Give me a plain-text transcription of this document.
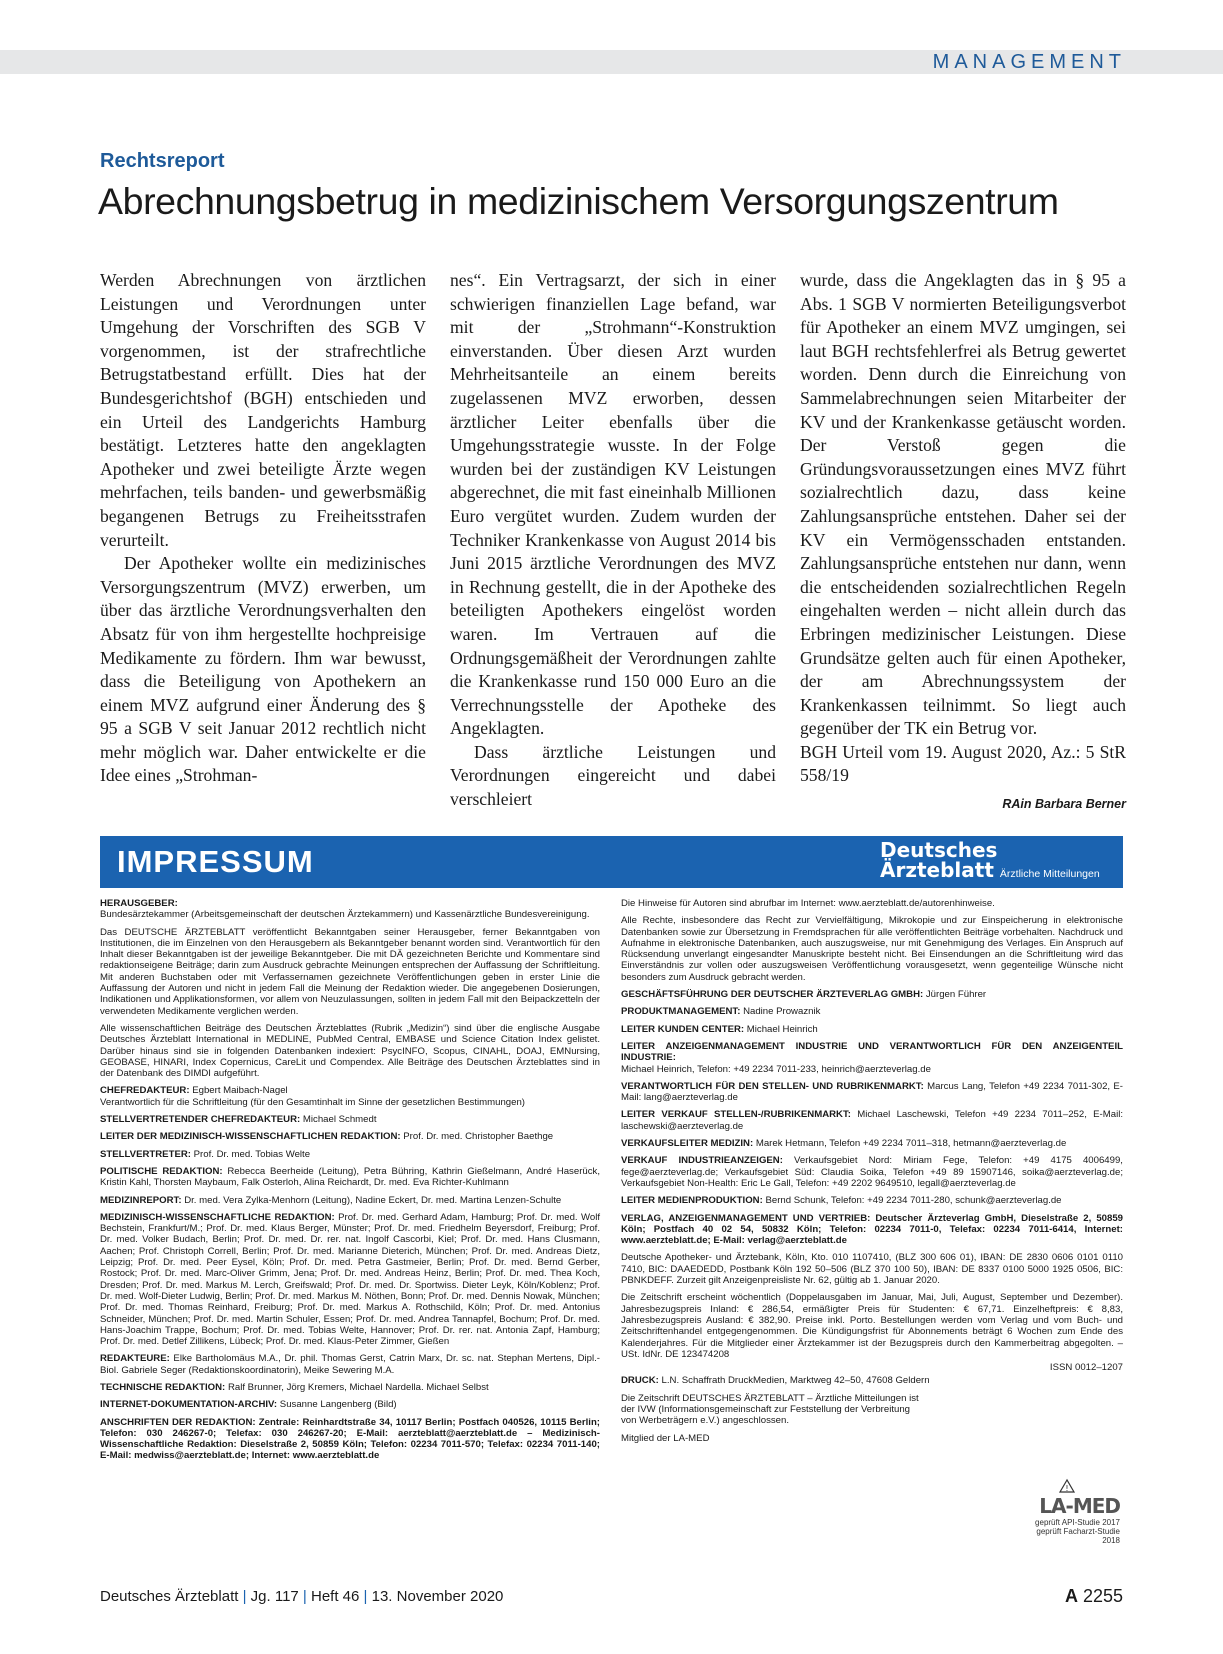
MANAGEMENT
Rechtsreport
Abrechnungsbetrug in medizinischem Versorgungszentrum

Werden Abrechnungen von ärztlichen Leistungen und Verordnungen unter Umgehung der Vorschriften des SGB V vorgenommen, ist der strafrechtliche Betrugstatbestand erfüllt. Dies hat der Bundesgerichtshof (BGH) entschieden und ein Urteil des Landgerichts Hamburg bestätigt. Letzteres hatte den angeklagten Apotheker und zwei beteiligte Ärzte wegen mehrfachen, teils banden- und gewerbsmäßig begangenen Betrugs zu Freiheitsstrafen verurteilt.

Der Apotheker wollte ein medizinisches Versorgungszentrum (MVZ) erwerben, um über das ärztliche Verordnungsverhalten den Absatz für von ihm hergestellte hochpreisige Medikamente zu fördern. Ihm war bewusst, dass die Beteiligung von Apothekern an einem MVZ aufgrund einer Änderung des § 95 a SGB V seit Januar 2012 rechtlich nicht mehr möglich war. Daher entwickelte er die Idee eines „Strohman-

nes“. Ein Vertragsarzt, der sich in einer schwierigen finanziellen Lage befand, war mit der „Strohmann“-Konstruktion einverstanden. Über diesen Arzt wurden Mehrheitsanteile an einem bereits zugelassenen MVZ erworben, dessen ärztlicher Leiter ebenfalls über die Umgehungsstrategie wusste. In der Folge wurden bei der zuständigen KV Leistungen abgerechnet, die mit fast eineinhalb Millionen Euro vergütet wurden. Zudem wurden der Techniker Krankenkasse von August 2014 bis Juni 2015 ärztliche Verordnungen des MVZ in Rechnung gestellt, die in der Apotheke des beteiligten Apothekers eingelöst worden waren. Im Vertrauen auf die Ordnungsgemäßheit der Verordnungen zahlte die Krankenkasse rund 150 000 Euro an die Verrechnungsstelle der Apotheke des Angeklagten.

Dass ärztliche Leistungen und Verordnungen eingereicht und dabei verschleiert

wurde, dass die Angeklagten das in § 95 a Abs. 1 SGB V normierten Beteiligungsverbot für Apotheker an einem MVZ umgingen, sei laut BGH rechtsfehlerfrei als Betrug gewertet worden. Denn durch die Einreichung von Sammelabrechnungen seien Mitarbeiter der KV und der Krankenkasse getäuscht worden. Der Verstoß gegen die Gründungsvoraussetzungen eines MVZ führt sozialrechtlich dazu, dass keine Zahlungsansprüche entstehen. Daher sei der KV ein Vermögensschaden entstanden. Zahlungsansprüche entstehen nur dann, wenn die entscheidenden sozialrechtlichen Regeln eingehalten werden – nicht allein durch das Erbringen medizinischer Leistungen. Diese Grundsätze gelten auch für einen Apotheker, der am Abrechnungssystem der Krankenkassen teilnimmt. So liegt auch gegenüber der TK ein Betrug vor.

BGH Urteil vom 19. August 2020, Az.: 5 StR 558/19

RAin Barbara Berner
IMPRESSUM	Deutsches
Ärzteblatt Ärztliche Mitteilungen

HERAUSGEBER:
Bundesärztekammer (Arbeitsgemeinschaft der deutschen Ärztekammern) und Kassenärztliche Bundesvereinigung.

Das DEUTSCHE ÄRZTEBLATT veröffentlicht Bekanntgaben seiner Herausgeber, ferner Bekanntgaben von Institutionen, die im Einzelnen von den Herausgebern als Bekanntgeber benannt worden sind. Verantwortlich für den Inhalt dieser Bekanntgaben ist der jeweilige Bekanntgeber. Die mit DÄ gezeichneten Berichte und Kommentare sind redaktionseigene Beiträge; darin zum Ausdruck gebrachte Meinungen entsprechen der Auffassung der Schriftleitung. Mit anderen Buchstaben oder mit Verfassernamen gezeichnete Veröffentlichungen geben in erster Linie die Auffassung der Autoren und nicht in jedem Fall die Meinung der Redaktion wieder. Die angegebenen Dosierungen, Indikationen und Applikationsformen, vor allem von Neuzulassungen, sollten in jedem Fall mit den Beipackzetteln der verwendeten Medikamente verglichen werden.

Alle wissenschaftlichen Beiträge des Deutschen Ärzteblattes (Rubrik „Medizin“) sind über die englische Ausgabe Deutsches Ärzteblatt International in MEDLINE, PubMed Central, EMBASE und Science Citation Index gelistet. Darüber hinaus sind sie in folgenden Datenbanken indexiert: PsycINFO, Scopus, CINAHL, DOAJ, EMNursing, GEOBASE, HINARI, Index Copernicus, CareLit und Compendex. Alle Beiträge des Deutschen Ärzteblattes sind in der Datenbank des DIMDI aufgeführt.

CHEFREDAKTEUR: Egbert Maibach-Nagel
Verantwortlich für die Schriftleitung (für den Gesamtinhalt im Sinne der gesetzlichen Bestimmungen)

STELLVERTRETENDER CHEFREDAKTEUR: Michael Schmedt

LEITER DER MEDIZINISCH-WISSENSCHAFTLICHEN REDAKTION: Prof. Dr. med. Christopher Baethge

STELLVERTRETER: Prof. Dr. med. Tobias Welte

POLITISCHE REDAKTION: Rebecca Beerheide (Leitung), Petra Bühring, Kathrin Gießelmann, André Haserück, Kristin Kahl, Thorsten Maybaum, Falk Osterloh, Alina Reichardt, Dr. med. Eva Richter-Kuhlmann

MEDIZINREPORT: Dr. med. Vera Zylka-Menhorn (Leitung), Nadine Eckert, Dr. med. Martina Lenzen-Schulte

MEDIZINISCH-WISSENSCHAFTLICHE REDAKTION: Prof. Dr. med. Gerhard Adam, Hamburg; Prof. Dr. med. Wolf Bechstein, Frankfurt/M.; Prof. Dr. med. Klaus Berger, Münster; Prof. Dr. med. Friedhelm Beyersdorf, Freiburg; Prof. Dr. med. Volker Budach, Berlin; Prof. Dr. med. Dr. rer. nat. Ingolf Cascorbi, Kiel; Prof. Dr. med. Hans Clusmann, Aachen; Prof. Christoph Correll, Berlin; Prof. Dr. med. Marianne Dieterich, München; Prof. Dr. med. Andreas Dietz, Leipzig; Prof. Dr. med. Peer Eysel, Köln; Prof. Dr. med. Petra Gastmeier, Berlin; Prof. Dr. med. Bernd Gerber, Rostock; Prof. Dr. med. Marc-Oliver Grimm, Jena; Prof. Dr. med. Andreas Heinz, Berlin; Prof. Dr. med. Thea Koch, Dresden; Prof. Dr. med. Markus M. Lerch, Greifswald; Prof. Dr. med. Dr. Sportwiss. Dieter Leyk, Köln/Koblenz; Prof. Dr. med. Wolf-Dieter Ludwig, Berlin; Prof. Dr. med. Markus M. Nöthen, Bonn; Prof. Dr. med. Dennis Nowak, München; Prof. Dr. med. Thomas Reinhard, Freiburg; Prof. Dr. med. Markus A. Rothschild, Köln; Prof. Dr. med. Antonius Schneider, München; Prof. Dr. med. Martin Schuler, Essen; Prof. Dr. med. Andrea Tannapfel, Bochum; Prof. Dr. med. Hans-Joachim Trappe, Bochum; Prof. Dr. med. Tobias Welte, Hannover; Prof. Dr. rer. nat. Antonia Zapf, Hamburg; Prof. Dr. med. Detlef Zillikens, Lübeck; Prof. Dr. med. Klaus-Peter Zimmer, Gießen

REDAKTEURE: Elke Bartholomäus M.A., Dr. phil. Thomas Gerst, Catrin Marx, Dr. sc. nat. Stephan Mertens, Dipl.-Biol. Gabriele Seger (Redaktionskoordinatorin), Meike Sewering M.A.

TECHNISCHE REDAKTION: Ralf Brunner, Jörg Kremers, Michael Nardella. Michael Selbst

INTERNET-DOKUMENTATION-ARCHIV: Susanne Langenberg (Bild)

ANSCHRIFTEN DER REDAKTION: Zentrale: Reinhardtstraße 34, 10117 Berlin; Postfach 040526, 10115 Berlin; Telefon: 030 246267-0; Telefax: 030 246267-20; E-Mail: aerzteblatt@aerzteblatt.de – Medizinisch-Wissenschaftliche Redaktion: Dieselstraße 2, 50859 Köln; Telefon: 02234 7011-570; Telefax: 02234 7011-140; E-Mail: medwiss@aerzteblatt.de; Internet: www.aerzteblatt.de

Die Hinweise für Autoren sind abrufbar im Internet: www.aerzteblatt.de/autorenhinweise.

Alle Rechte, insbesondere das Recht zur Vervielfältigung, Mikrokopie und zur Einspeicherung in elektronische Datenbanken sowie zur Übersetzung in Fremdsprachen für alle veröffentlichten Beiträge vorbehalten. Nachdruck und Aufnahme in elektronische Datenbanken, auch auszugsweise, nur mit Genehmigung des Verlages. Ein Anspruch auf Rücksendung unverlangt eingesandter Manuskripte besteht nicht. Bei Einsendungen an die Schriftleitung wird das Einverständnis zur vollen oder auszugsweisen Veröffentlichung vorausgesetzt, wenn gegenteilige Wünsche nicht besonders zum Ausdruck gebracht werden.

GESCHÄFTSFÜHRUNG DER DEUTSCHER ÄRZTEVERLAG GMBH: Jürgen Führer

PRODUKTMANAGEMENT: Nadine Prowaznik

LEITER KUNDEN CENTER: Michael Heinrich

LEITER ANZEIGENMANAGEMENT INDUSTRIE UND VERANTWORTLICH FÜR DEN ANZEIGENTEIL INDUSTRIE:
Michael Heinrich, Telefon: +49 2234 7011-233, heinrich@aerzteverlag.de

VERANTWORTLICH FÜR DEN STELLEN- UND RUBRIKENMARKT: Marcus Lang, Telefon +49 2234 7011-302, E-Mail: lang@aerzteverlag.de

LEITER VERKAUF STELLEN-/RUBRIKENMARKT: Michael Laschewski, Telefon +49 2234 7011–252, E-Mail: laschewski@aerzteverlag.de

VERKAUFSLEITER MEDIZIN: Marek Hetmann, Telefon +49 2234 7011–318, hetmann@aerzteverlag.de

VERKAUF INDUSTRIEANZEIGEN: Verkaufsgebiet Nord: Miriam Fege, Telefon: +49 4175 4006499, fege@aerzteverlag.de; Verkaufsgebiet Süd: Claudia Soika, Telefon +49 89 15907146, soika@aerzteverlag.de; Verkaufsgebiet Non-Health: Eric Le Gall, Telefon: +49 2202 9649510, legall@aerzteverlag.de

LEITER MEDIENPRODUKTION: Bernd Schunk, Telefon: +49 2234 7011-280, schunk@aerzteverlag.de

VERLAG, ANZEIGENMANAGEMENT UND VERTRIEB: Deutscher Ärzteverlag GmbH, Dieselstraße 2, 50859 Köln; Postfach 40 02 54, 50832 Köln; Telefon: 02234 7011-0, Telefax: 02234 7011-6414, Internet: www.aerzteblatt.de; E-Mail: verlag@aerzteblatt.de

Deutsche Apotheker- und Ärztebank, Köln, Kto. 010 1107410, (BLZ 300 606 01), IBAN: DE 2830 0606 0101 0110 7410, BIC: DAAEDEDD, Postbank Köln 192 50–506 (BLZ 370 100 50), IBAN: DE 8337 0100 5000 1925 0506, BIC: PBNKDEFF. Zurzeit gilt Anzeigenpreisliste Nr. 62, gültig ab 1. Januar 2020.

Die Zeitschrift erscheint wöchentlich (Doppelausgaben im Januar, Mai, Juli, August, September und Dezember). Jahresbezugspreis Inland: € 286,54, ermäßigter Preis für Studenten: € 67,71. Einzelheftpreis: € 8,83, Jahresbezugspreis Ausland: € 382,90. Preise inkl. Porto. Bestellungen werden vom Verlag und vom Buch- und Zeitschriftenhandel entgegengenommen. Die Kündigungsfrist für Abonnements beträgt 6 Wochen zum Ende des Kalenderjahres. Für die Mitglieder einer Ärztekammer ist der Bezugspreis durch den Kammerbeitrag abgegolten. – USt. IdNr. DE 123474208

ISSN 0012–1207

DRUCK: L.N. Schaffrath DruckMedien, Marktweg 42–50, 47608 Geldern

Die Zeitschrift DEUTSCHES ÄRZTEBLATT – Ärztliche Mitteilungen ist der IVW (Informationsgemeinschaft zur Feststellung der Verbreitung von Werbeträgern e.V.) angeschlossen.

Mitglied der LA-MED

!
LA-MED
geprüft API-Studie 2017
geprüft Facharzt-Studie 2018
Deutsches Ärzteblatt | Jg. 117 | Heft 46 | 13. November 2020	A 2255
